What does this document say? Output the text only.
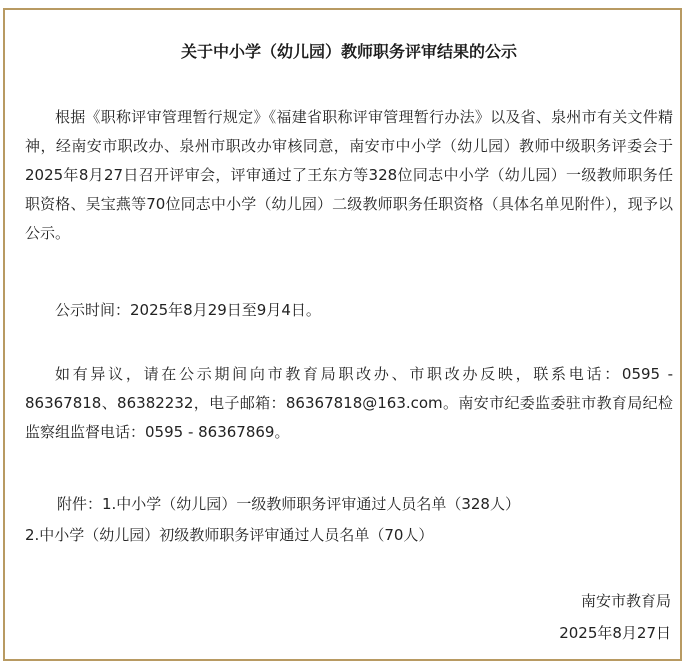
关于中小学（幼儿园）教师职务评审结果的公示
根据《职称评审管理暂行规定》《福建省职称评审管理暂行办法》以及省、泉州市有关文件精神，经南安市职改办、泉州市职改办审核同意，南安市中小学（幼儿园）教师中级职务评委会于2025年8月27日召开评审会，评审通过了王东方等328位同志中小学（幼儿园）一级教师职务任职资格、吴宝燕等70位同志中小学（幼儿园）二级教师职务任职资格（具体名单见附件），现予以公示。
公示时间：2025年8月29日至9月4日。
如有异议，请在公示期间向市教育局职改办、市职改办反映，联系电话：0595 - 86367818、86382232，电子邮箱：86367818@163.com。南安市纪委监委驻市教育局纪检监察组监督电话：0595 - 86367869。
附件：1.中小学（幼儿园）一级教师职务评审通过人员名单（328人）
2.中小学（幼儿园）初级教师职务评审通过人员名单（70人）
南安市教育局
2025年8月27日
